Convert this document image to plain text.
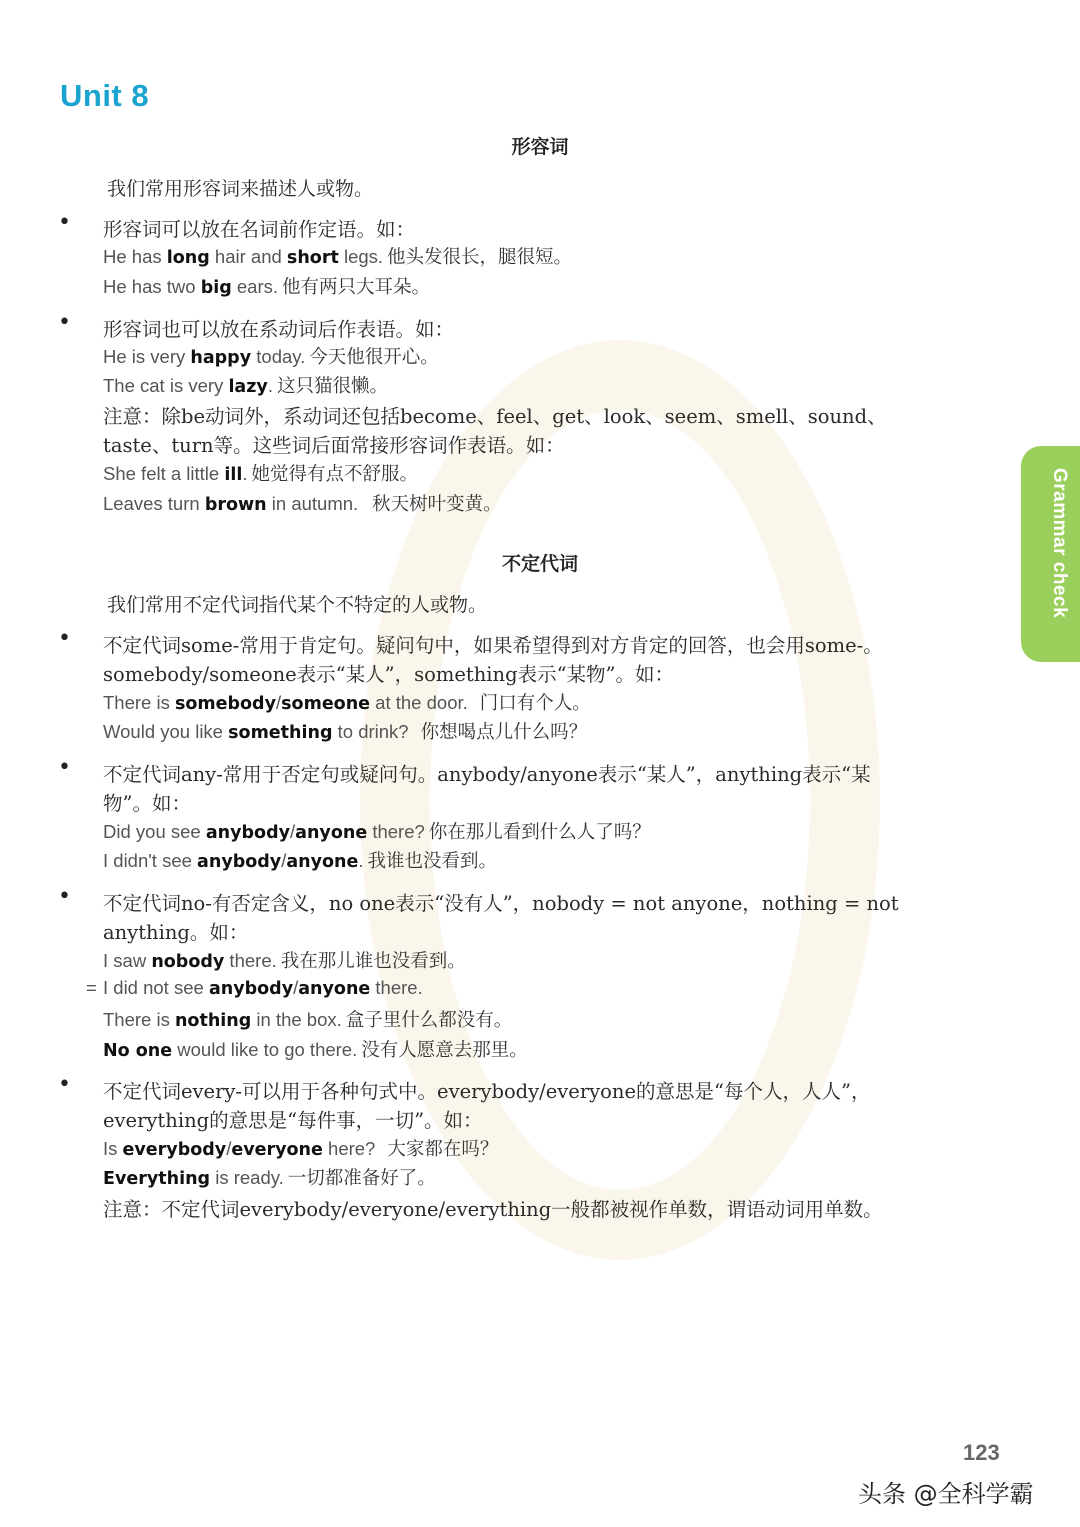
Unit 8
形容词
我们常用形容词来描述人或物。
• 形容词可以放在名词前作定语。如：
He has long hair and short legs. 他头发很长，腿很短。
He has two big ears. 他有两只大耳朵。
• 形容词也可以放在系动词后作表语。如：
He is very happy today. 今天他很开心。
The cat is very lazy. 这只猫很懒。
注意：除be动词外，系动词还包括become、feel、get、look、seem、smell、sound、
taste、turn等。这些词后面常接形容词作表语。如：
She felt a little ill. 她觉得有点不舒服。
Leaves turn brown in autumn. 秋天树叶变黄。
不定代词
我们常用不定代词指代某个不特定的人或物。
• 不定代词some-常用于肯定句。疑问句中，如果希望得到对方肯定的回答，也会用some-。
somebody/someone表示“某人”，something表示“某物”。如：
There is somebody/someone at the door. 门口有个人。
Would you like something to drink? 你想喝点儿什么吗？
• 不定代词any-常用于否定句或疑问句。anybody/anyone表示“某人”，anything表示“某
物”。如：
Did you see anybody/anyone there? 你在那儿看到什么人了吗？
I didn't see anybody/anyone. 我谁也没看到。
• 不定代词no-有否定含义，no one表示“没有人”，nobody = not anyone，nothing = not
anything。如：
I saw nobody there. 我在那儿谁也没看到。
= I did not see anybody/anyone there.
There is nothing in the box. 盒子里什么都没有。
No one would like to go there. 没有人愿意去那里。
• 不定代词every-可以用于各种句式中。everybody/everyone的意思是“每个人，人人”，
everything的意思是“每件事，一切”。如：
Is everybody/everyone here? 大家都在吗？
Everything is ready. 一切都准备好了。
注意：不定代词everybody/everyone/everything一般都被视作单数，谓语动词用单数。
Grammar check
123
头条 @全科学霸
